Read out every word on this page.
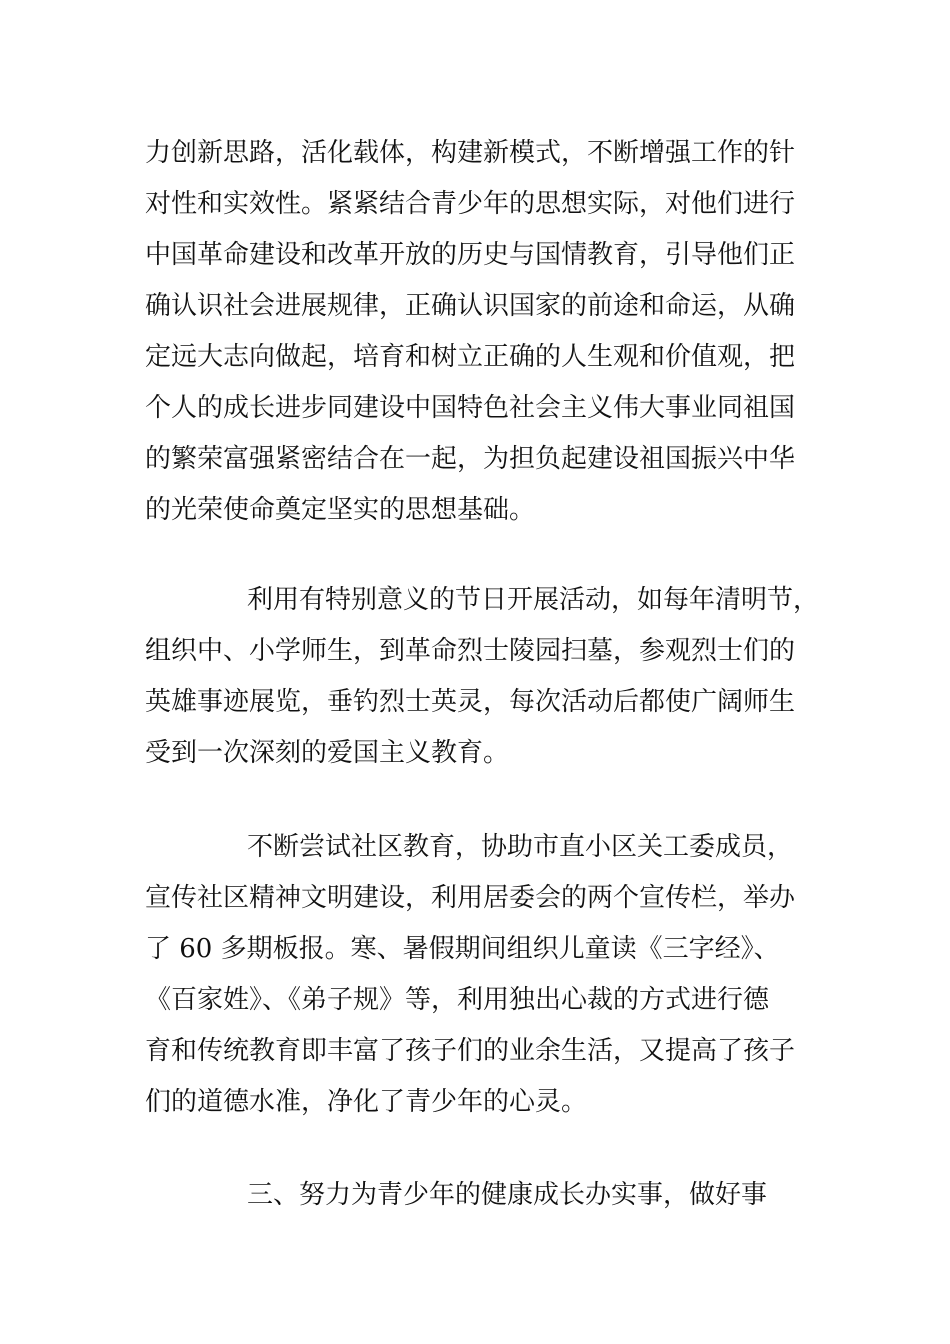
力创新思路，活化载体，构建新模式，不断增强工作的针
对性和实效性。紧紧结合青少年的思想实际，对他们进行
中国革命建设和改革开放的历史与国情教育，引导他们正
确认识社会进展规律，正确认识国家的前途和命运，从确
定远大志向做起，培育和树立正确的人生观和价值观，把
个人的成长进步同建设中国特色社会主义伟大事业同祖国
的繁荣富强紧密结合在一起，为担负起建设祖国振兴中华
的光荣使命奠定坚实的思想基础。

利用有特别意义的节日开展活动，如每年清明节，
组织中、小学师生，到革命烈士陵园扫墓，参观烈士们的
英雄事迹展览，垂钓烈士英灵，每次活动后都使广阔师生
受到一次深刻的爱国主义教育。

不断尝试社区教育，协助市直小区关工委成员，
宣传社区精神文明建设，利用居委会的两个宣传栏，举办
了 60 多期板报。寒、暑假期间组织儿童读《三字经》、
《百家姓》、《弟子规》等，利用独出心裁的方式进行德
育和传统教育即丰富了孩子们的业余生活，又提高了孩子
们的道德水准，净化了青少年的心灵。

三、努力为青少年的健康成长办实事，做好事
